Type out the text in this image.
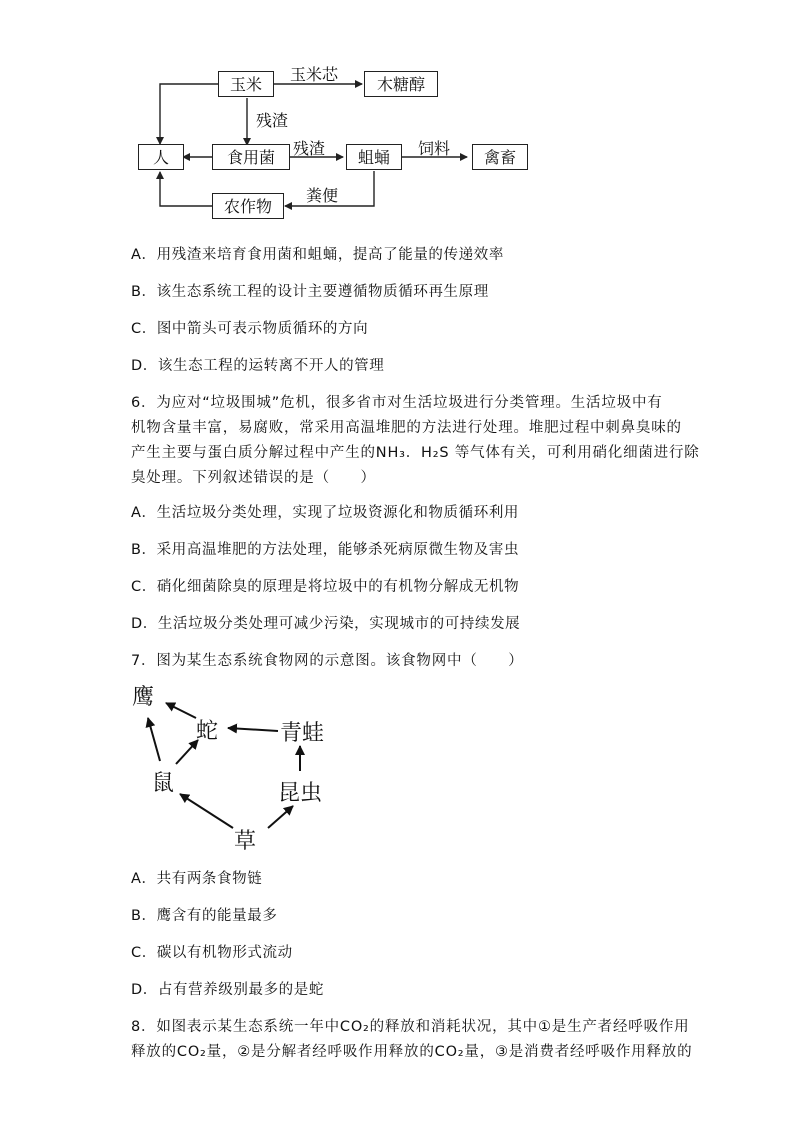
玉米	木糖醇
人	食用菌	蛆蛹	禽畜
农作物
玉米芯
残渣
残渣	饲料
粪便
A．用残渣来培育食用菌和蛆蛹，提高了能量的传递效率
B．该生态系统工程的设计主要遵循物质循环再生原理
C．图中箭头可表示物质循环的方向
D．该生态工程的运转离不开人的管理
6．为应对“垃圾围城”危机，很多省市对生活垃圾进行分类管理。生活垃圾中有
机物含量丰富，易腐败，常采用高温堆肥的方法进行处理。堆肥过程中刺鼻臭味的
产生主要与蛋白质分解过程中产生的NH₃．H₂S 等气体有关，可利用硝化细菌进行除
臭处理。下列叙述错误的是（　　）
A．生活垃圾分类处理，实现了垃圾资源化和物质循环利用
B．采用高温堆肥的方法处理，能够杀死病原微生物及害虫
C．硝化细菌除臭的原理是将垃圾中的有机物分解成无机物
D．生活垃圾分类处理可减少污染，实现城市的可持续发展
7．图为某生态系统食物网的示意图。该食物网中（　　）
鹰
蛇	青蛙
鼠	昆虫
草
A．共有两条食物链
B．鹰含有的能量最多
C．碳以有机物形式流动
D．占有营养级别最多的是蛇
8．如图表示某生态系统一年中CO₂的释放和消耗状况，其中①是生产者经呼吸作用
释放的CO₂量，②是分解者经呼吸作用释放的CO₂量，③是消费者经呼吸作用释放的
